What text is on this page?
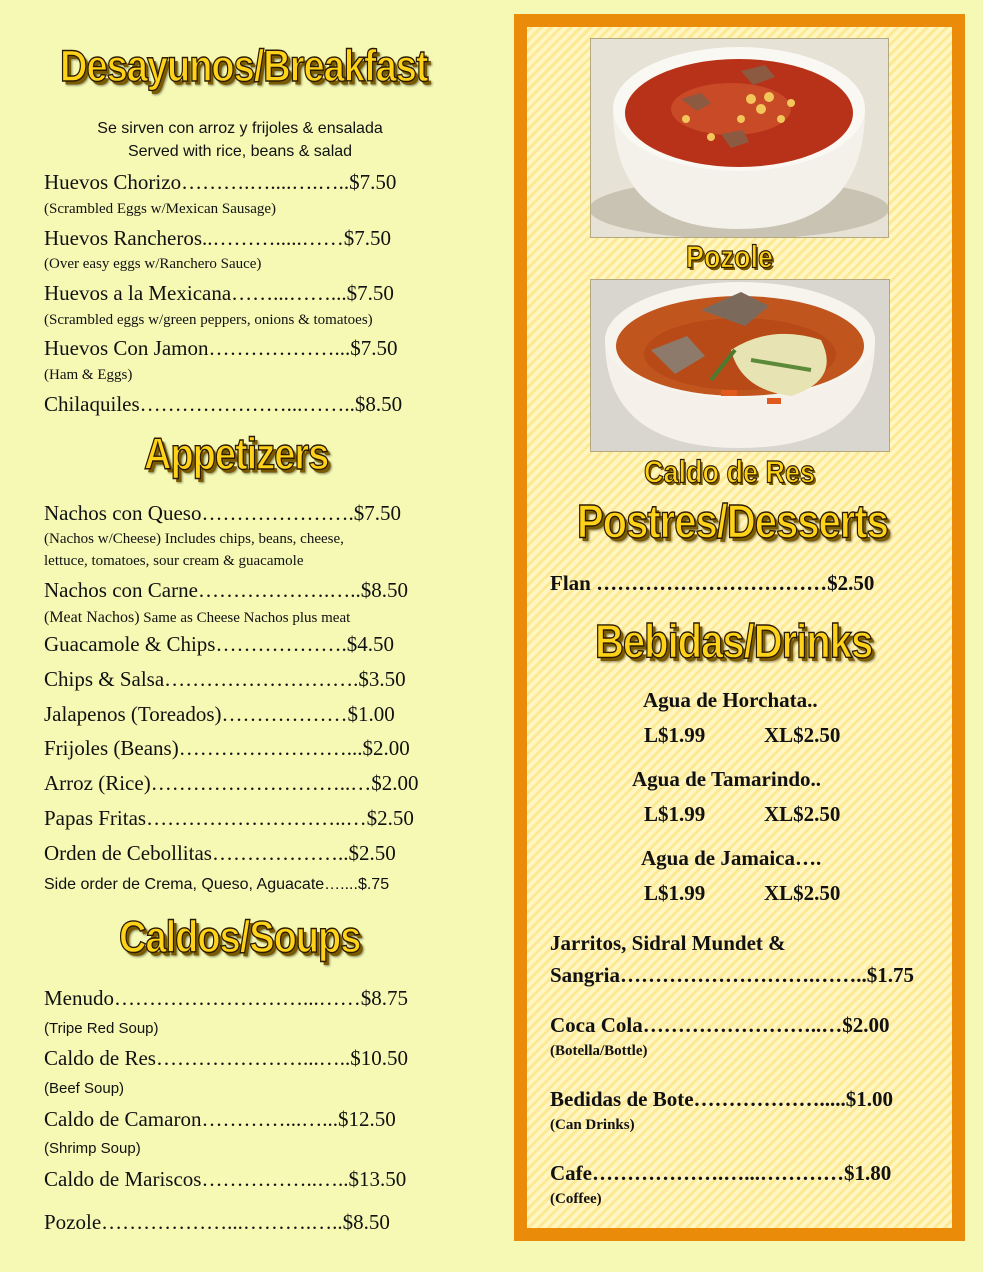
Desayunos/Breakfast
Se sirven con arroz y frijoles & ensalada
Served with rice, beans & salad
Huevos Chorizo……….…....….…..$7.50
(Scrambled Eggs w/Mexican Sausage)
Huevos Rancheros..……….....……$7.50
(Over easy eggs w/Ranchero Sauce)
Huevos a la Mexicana……...……...$7.50
(Scrambled eggs w/green peppers, onions & tomatoes)
Huevos Con Jamon………………...$7.50
(Ham & Eggs)
Chilaquiles…………………...……..$8.50
Appetizers
Nachos con Queso………………….$7.50
(Nachos w/Cheese) Includes chips, beans, cheese,
lettuce, tomatoes, sour cream & guacamole
Nachos con Carne……………….…..$8.50
(Meat Nachos) Same as Cheese Nachos plus meat
Guacamole & Chips……………….$4.50
Chips & Salsa……………………….$3.50
Jalapenos (Toreados)………………$1.00
Frijoles (Beans)……………………...$2.00
Arroz (Rice)………………………..…$2.00
Papas Fritas………………………..…$2.50
Orden de Cebollitas………………..$2.50
Side order de Crema, Queso, Aguacate…....$.75
Caldos/Soups
Menudo………………………...……$8.75
(Tripe Red Soup)
Caldo de Res…………………...…..$10.50
(Beef Soup)
Caldo de Camaron…………...…...$12.50
(Shrimp Soup)
Caldo de Mariscos……………..…..$13.50
Pozole………………...……….…..$8.50
Pozole
Caldo de Res
Postres/Desserts
Flan ……………………………$2.50
Bebidas/Drinks
Agua de Horchata..
L$1.99	XL$2.50
Agua de Tamarindo..
L$1.99	XL$2.50
Agua de Jamaica….
L$1.99	XL$2.50
Jarritos, Sidral Mundet &
Sangria……………………….……..$1.75
Coca Cola……………………..…$2.00
(Botella/Bottle)
Bedidas de Bote……………….....$1.00
(Can Drinks)
Cafe……………….…...…………$1.80
(Coffee)
